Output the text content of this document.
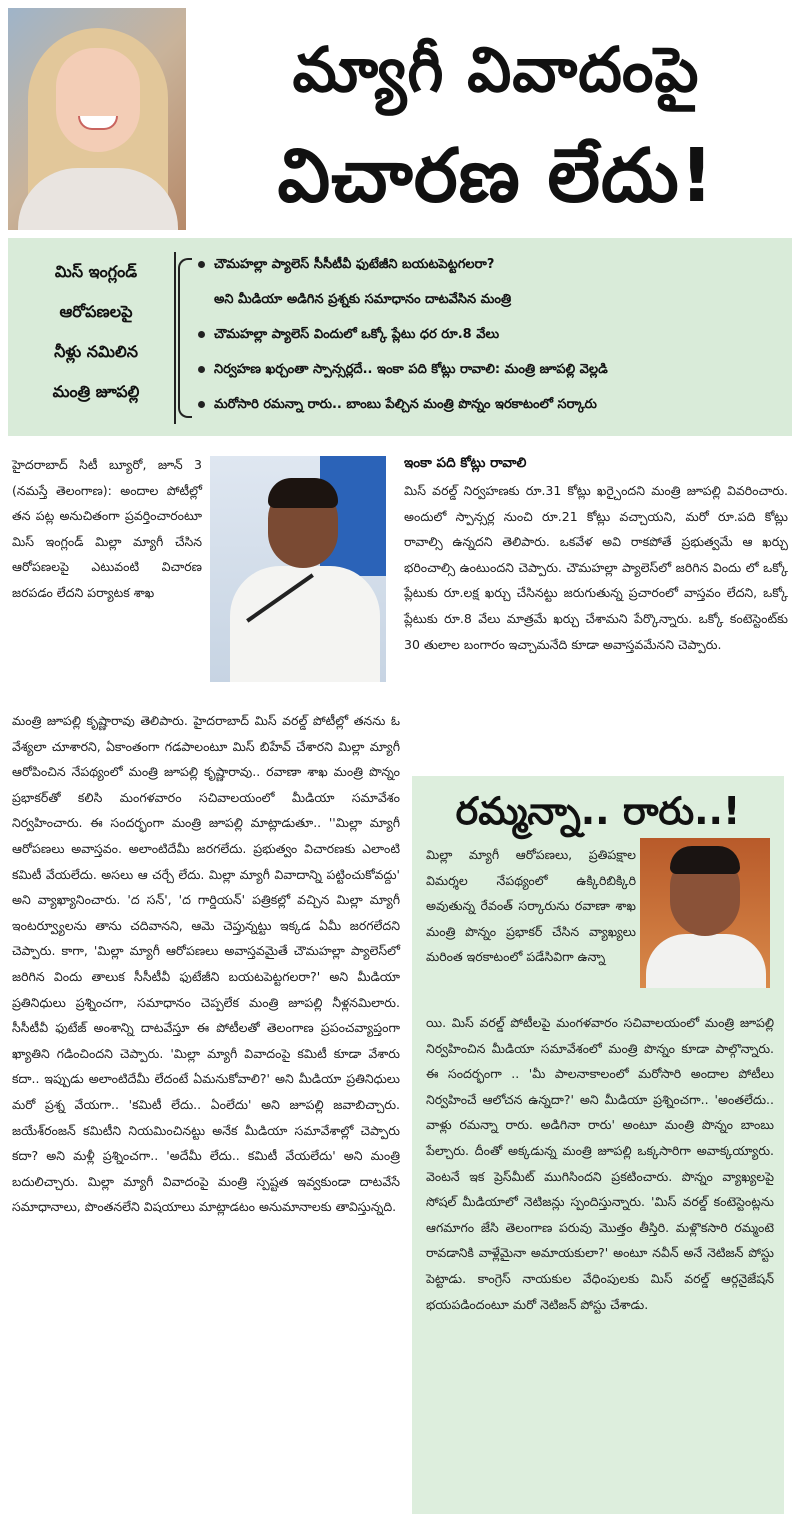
మ్యాగీ వివాదంపై
విచారణ లేదు!

మిస్ ఇంగ్లండ్

ఆరోపణలపై

నీళ్లు నమిలిన

మంత్రి జూపల్లి

చౌమహల్లా ప్యాలెస్ సీసీటీవీ ఫుటేజీని బయటపెట్టగలరా?
అని మీడియా అడిగిన ప్రశ్నకు సమాధానం దాటవేసిన మంత్రి
చౌమహల్లా ప్యాలెస్ విందులో ఒక్కో ప్లేటు ధర రూ.8 వేలు
నిర్వహణ ఖర్చంతా స్పాన్సర్లదే.. ఇంకా పది కోట్లు రావాలి: మంత్రి జూపల్లి వెల్లడి
మరోసారి రమన్నా రారు.. బాంబు పేల్చిన మంత్రి పొన్నం ఇరకాటంలో సర్కారు
హైదరాబాద్ సిటీ బ్యూరో, జూన్ 3 (నమస్తే తెలంగాణ): అందాల పోటీల్లో తన పట్ల అనుచితంగా ప్రవర్తించారంటూ మిస్ ఇంగ్లండ్ మిల్లా మ్యాగీ చేసిన ఆరోపణలపై ఎటువంటి విచారణ జరపడం లేదని పర్యాటక శాఖ
మంత్రి జూపల్లి కృష్ణారావు తెలిపారు. హైదరాబాద్ మిస్ వరల్డ్ పోటీల్లో తనను ఓ వేశ్యలా చూశారని, ఏకాంతంగా గడపాలంటూ మిస్ బిహేవ్ చేశారని మిల్లా మ్యాగీ ఆరోపించిన నేపథ్యంలో మంత్రి జూపల్లి కృష్ణారావు.. రవాణా శాఖ మంత్రి పొన్నం ప్రభాకర్‌తో కలిసి మంగళవారం సచివాలయంలో మీడియా సమావేశం నిర్వహించారు. ఈ సందర్భంగా మంత్రి జూపల్లి మాట్లాడుతూ.. ''మిల్లా మ్యాగీ ఆరోపణలు అవాస్తవం. అలాంటిదేమీ జరగలేదు. ప్రభుత్వం విచారణకు ఎలాంటి కమిటీ వేయలేదు. అసలు ఆ చర్చే లేదు. మిల్లా మ్యాగీ వివాదాన్ని పట్టించుకోవద్దు' అని వ్యాఖ్యానించారు. 'ద సన్', 'ద గార్డియన్' పత్రికల్లో వచ్చిన మిల్లా మ్యాగీ ఇంటర్వ్యూలను తాను చదివానని, ఆమె చెప్తున్నట్టు ఇక్కడ ఏమీ జరగలేదని చెప్పారు. కాగా, 'మిల్లా మ్యాగీ ఆరోపణలు అవాస్తవమైతే చౌమహల్లా ప్యాలెస్‌లో జరిగిన విందు తాలుక సీసీటీవీ ఫుటేజీని బయటపెట్టగలరా?' అని మీడియా ప్రతినిధులు ప్రశ్నించగా, సమాధానం చెప్పలేక మంత్రి జూపల్లి నీళ్లనమిలారు. సీసీటీవీ ఫుటేజ్ అంశాన్ని దాటవేస్తూ ఈ పోటీలతో తెలంగాణ ప్రపంచవ్యాప్తంగా ఖ్యాతిని గడించిందని చెప్పారు. 'మిల్లా మ్యాగీ వివాదంపై కమిటీ కూడా వేశారు కదా.. ఇప్పుడు అలాంటిదేమీ లేదంటే ఏమనుకోవాలి?' అని మీడియా ప్రతినిధులు మరో ప్రశ్న వేయగా.. 'కమిటీ లేదు.. ఏంలేదు' అని జూపల్లి జవాబిచ్చారు. జయేశ్‌రంజన్ కమిటీని నియమించినట్టు అనేక మీడియా సమావేశాల్లో చెప్పారు కదా? అని మళ్లీ ప్రశ్నించగా.. 'అదేమీ లేదు.. కమిటీ వేయలేదు' అని మంత్రి బదులిచ్చారు. మిల్లా మ్యాగీ వివాదంపై మంత్రి స్పష్టత ఇవ్వకుండా దాటవేసే సమాధానాలు, పొంతనలేని విషయాలు మాట్లాడటం అనుమానాలకు తావిస్తున్నది.
ఇంకా పది కోట్లు రావాలి
మిస్ వరల్డ్ నిర్వహణకు రూ.31 కోట్లు ఖర్చైందని మంత్రి జూపల్లి వివరించారు. అందులో స్పాన్సర్ల నుంచి రూ.21 కోట్లు వచ్చాయని, మరో రూ.పది కోట్లు రావాల్సి ఉన్నదని తెలిపారు. ఒకవేళ అవి రాకపోతే ప్రభుత్వమే ఆ ఖర్చు భరించాల్సి ఉంటుందని చెప్పారు. చౌమహల్లా ప్యాలెస్‌లో జరిగిన విందు లో ఒక్కో ప్లేటుకు రూ.లక్ష ఖర్చు చేసినట్టు జరుగుతున్న ప్రచారంలో వాస్తవం లేదని, ఒక్కో ప్లేటుకు రూ.8 వేలు మాత్రమే ఖర్చు చేశామని పేర్కొన్నారు. ఒక్కో కంటెస్టెంట్‌కు 30 తులాల బంగారం ఇచ్చామనేది కూడా అవాస్తవమేనని చెప్పారు.
రమ్మన్నా.. రారు..!
మిల్లా మ్యాగీ ఆరోపణలు, ప్రతిపక్షాల విమర్శల నేపథ్యంలో ఉక్కిరిబిక్కిరి అవుతున్న రేవంత్ సర్కారును రవాణా శాఖ మంత్రి పొన్నం ప్రభాకర్ చేసిన వ్యాఖ్యలు మరింత ఇరకాటంలో పడేసివిగా ఉన్నా
యి. మిస్ వరల్డ్ పోటీలపై మంగళవారం సచివాలయంలో మంత్రి జూపల్లి నిర్వహించిన మీడియా సమావేశంలో మంత్రి పొన్నం కూడా పాల్గొన్నారు. ఈ సందర్భంగా .. 'మీ పాలనాకాలంలో మరోసారి అందాల పోటీలు నిర్వహించే ఆలోచన ఉన్నదా?' అని మీడియా ప్రశ్నించగా.. 'అంతలేదు.. వాళ్లు రమన్నా రారు. అడిగినా రారు' అంటూ మంత్రి పొన్నం బాంబు పేల్చారు. దీంతో అక్కడున్న మంత్రి జూపల్లి ఒక్కసారిగా అవాక్కయ్యారు. వెంటనే ఇక ప్రెస్‌మీట్ ముగిసిందని ప్రకటించారు. పొన్నం వ్యాఖ్యలపై సోషల్ మీడియాలో నెటిజన్లు స్పందిస్తున్నారు. 'మిస్ వరల్డ్ కంటెస్టెంట్లను ఆగమాగం జేసి తెలంగాణ పరువు మొత్తం తీస్తిరి. మళ్లొకసారి రమ్మంటె రావడానికి వాళ్లేమైనా అమాయకులా?' అంటూ నవీన్ అనే నెటిజన్ పోస్టు పెట్టాడు. కాంగ్రెస్ నాయకుల వేధింపులకు మిస్ వరల్డ్ ఆర్గనైజేషన్ భయపడిందంటూ మరో నెటిజన్ పోస్టు చేశాడు.
